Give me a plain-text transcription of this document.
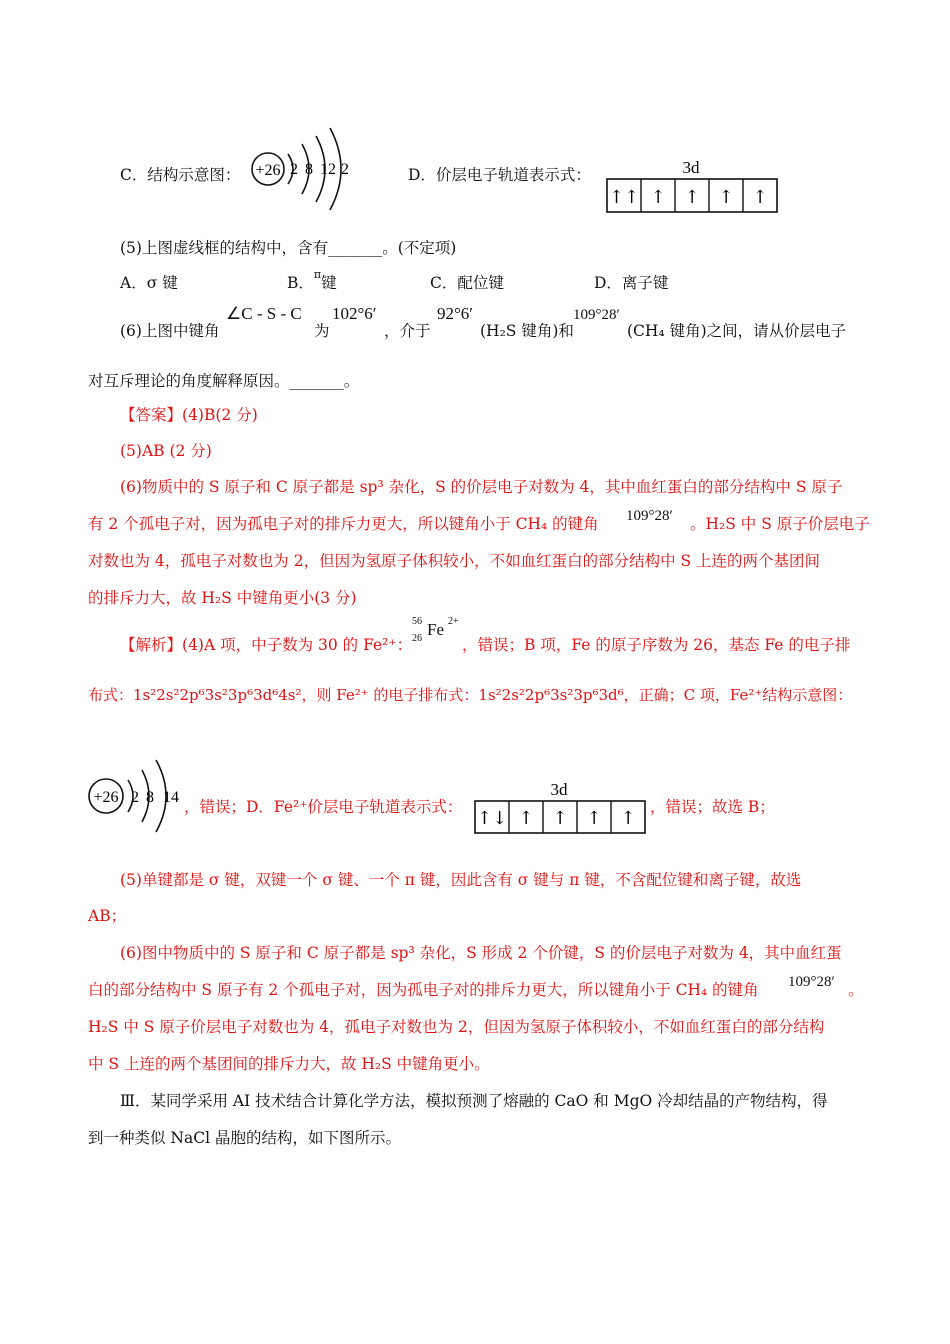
C．结构示意图： +26 2 8 12 2	D．价层电子轨道表示式：	3d
↑↑ ↑ ↑ ↑ ↑
(5)上图虚线框的结构中，含有_______。(不定项)
A．σ 键	B．$^\pi$键	C．配位键	D．离子键
(6)上图中键角
∠C - S - C
为
102°6′
，介于
92°6′
(H₂S 键角)和
109°28′
(CH₄ 键角)之间，请从价层电子
对互斥理论的角度解释原因。_______。
【答案】(4)B(2 分)
(5)AB (2 分)
(6)物质中的 S 原子和 C 原子都是 sp³ 杂化，S 的价层电子对数为 4，其中血红蛋白的部分结构中 S 原子
有 2 个孤电子对，因为孤电子对的排斥力更大，所以键角小于 CH₄ 的键角 109°28′ 。H₂S 中 S 原子价层电子
对数也为 4，孤电子对数也为 2，但因为氢原子体积较小，不如血红蛋白的部分结构中 S 上连的两个基团间
的排斥力大，故 H₂S 中键角更小(3 分)
【解析】(4)A 项，中子数为 30 的 Fe²⁺：
56
26 Fe 2+
，错误；B 项，Fe 的原子序数为 26，基态 Fe 的电子排
布式：1s²2s²2p⁶3s²3p⁶3d⁶4s²，则 Fe²⁺ 的电子排布式：1s²2s²2p⁶3s²3p⁶3d⁶，正确；C 项，Fe²⁺结构示意图：
+26 2 8 14
，错误；D．Fe²⁺价层电子轨道表示式：
3d
↑↓ ↑ ↑ ↑ ↑
，错误；故选 B；
(5)单键都是 σ 键，双键一个 σ 键、一个 π 键，因此含有 σ 键与 π 键，不含配位键和离子键，故选
AB；
(6)图中物质中的 S 原子和 C 原子都是 sp³ 杂化，S 形成 2 个价键，S 的价层电子对数为 4，其中血红蛋
白的部分结构中 S 原子有 2 个孤电子对，因为孤电子对的排斥力更大，所以键角小于 CH₄ 的键角 109°28′ 。
H₂S 中 S 原子价层电子对数也为 4，孤电子对数也为 2，但因为氢原子体积较小，不如血红蛋白的部分结构
中 S 上连的两个基团间的排斥力大，故 H₂S 中键角更小。
Ⅲ．某同学采用 AI 技术结合计算化学方法，模拟预测了熔融的 CaO 和 MgO 冷却结晶的产物结构，得
到一种类似 NaCl 晶胞的结构，如下图所示。
